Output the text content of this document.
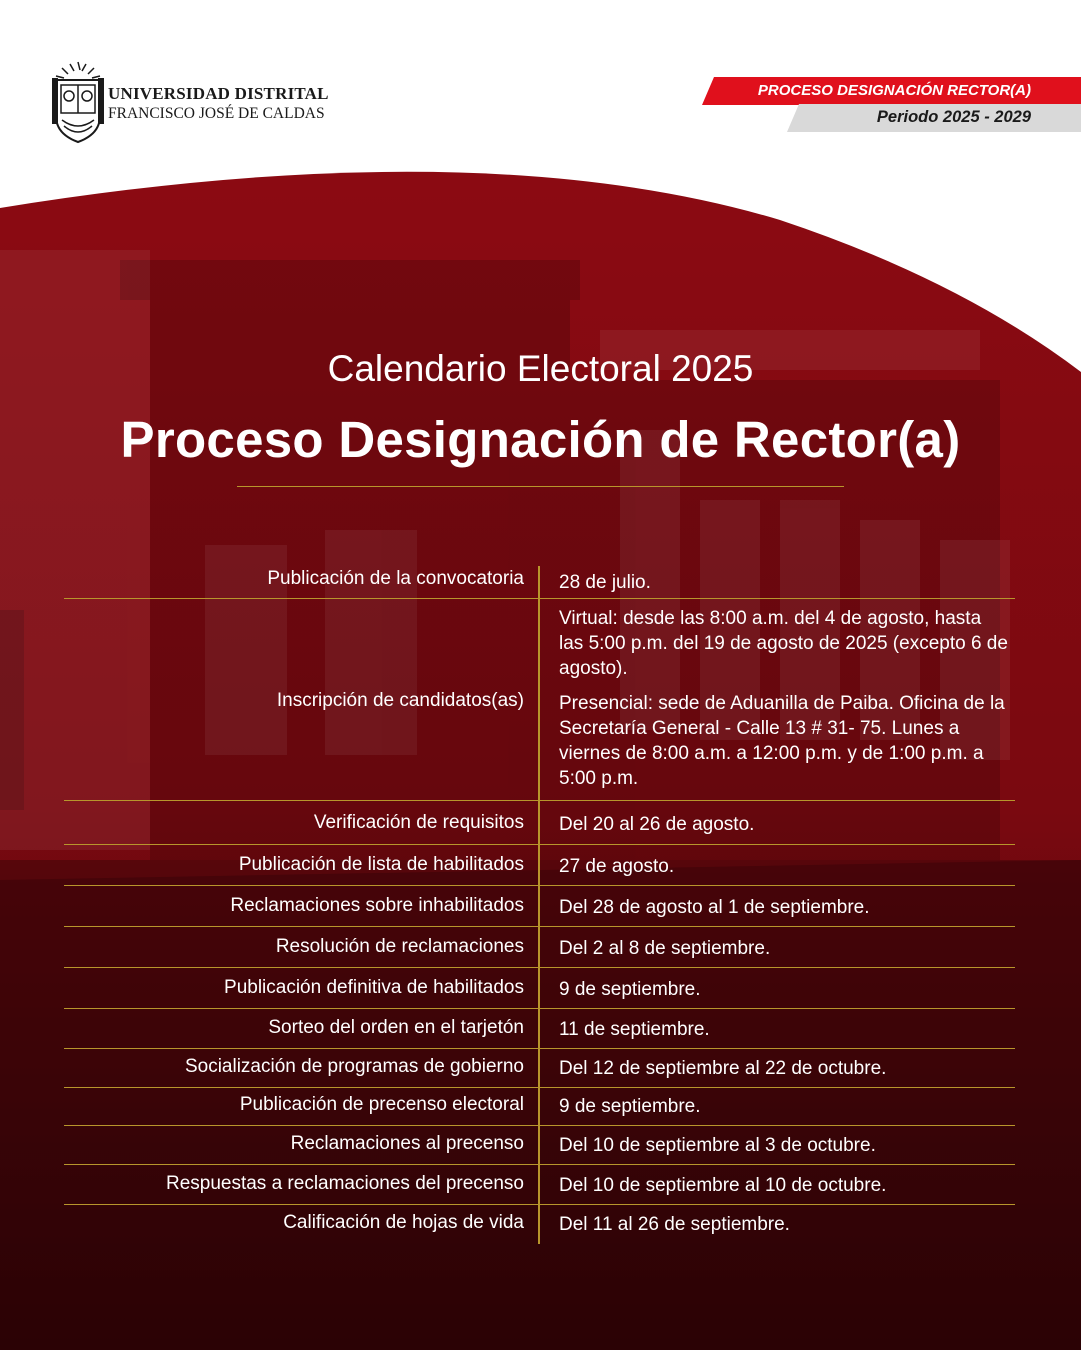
UNIVERSIDAD DISTRITAL
FRANCISCO JOSÉ DE CALDAS
PROCESO DESIGNACIÓN RECTOR(A)
Periodo 2025 - 2029
Calendario Electoral 2025
Proceso Designación de Rector(a)
Publicación de la convocatoria 28 de julio.
Inscripción de candidatos(as)

Virtual: desde las 8:00 a.m. del 4 de agosto, hasta las 5:00 p.m. del 19 de agosto de 2025 (excepto 6 de agosto).

Presencial: sede de Aduanilla de Paiba. Oficina de la Secretaría General - Calle 13 # 31- 75. Lunes a viernes de 8:00 a.m. a 12:00 p.m. y de 1:00 p.m. a 5:00 p.m.

Verificación de requisitos Del 20 al 26 de agosto.
Publicación de lista de habilitados 27 de agosto.
Reclamaciones sobre inhabilitados Del 28 de agosto al 1 de septiembre.
Resolución de reclamaciones Del 2 al 8 de septiembre.
Publicación definitiva de habilitados 9 de septiembre.
Sorteo del orden en el tarjetón 11 de septiembre.
Socialización de programas de gobierno Del 12 de septiembre al 22 de octubre.
Publicación de precenso electoral 9 de septiembre.
Reclamaciones al precenso Del 10 de septiembre al 3 de octubre.
Respuestas a reclamaciones del precenso Del 10 de septiembre al 10 de octubre.
Calificación de hojas de vida Del 11 al 26 de septiembre.
